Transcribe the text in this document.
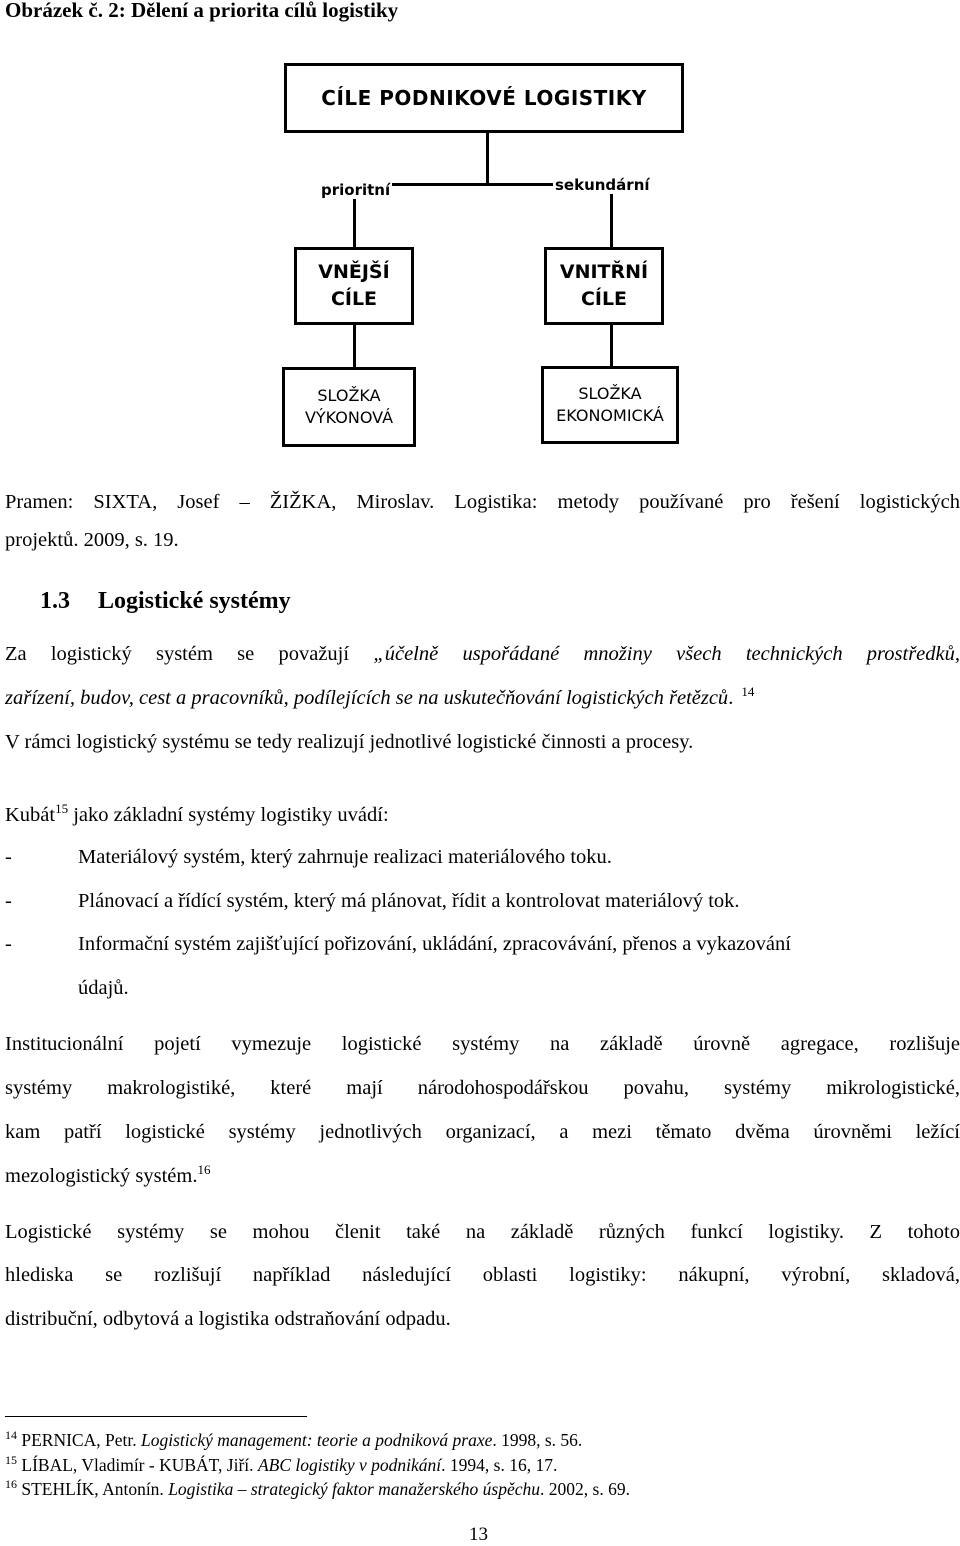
Obrázek č. 2: Dělení a priorita cílů logistiky
CÍLE PODNIKOVÉ LOGISTIKY
prioritní	sekundární
VNĚJŠÍ
CÍLE
VNITŘNÍ
CÍLE
SLOŽKA
VÝKONOVÁ
SLOŽKA
EKONOMICKÁ
Pramen: SIXTA, Josef – ŽIŽKA, Miroslav. Logistika: metody používané pro řešení logistických
projektů. 2009, s. 19.
1.3 Logistické systémy
Za logistický systém se považují „účelně uspořádané množiny všech technických prostředků,
zařízení, budov, cest a pracovníků, podílejících se na uskutečňování logistických řetězců. $^{14}$
V rámci logistický systému se tedy realizují jednotlivé logistické činnosti a procesy.
Kubát$^{15}$ jako základní systémy logistiky uvádí:
-	Materiálový systém, který zahrnuje realizaci materiálového toku.
-	Plánovací a řídící systém, který má plánovat, řídit a kontrolovat materiálový tok.
-	Informační systém zajišťující pořizování, ukládání, zpracovávání, přenos a vykazování
údajů.
Institucionální pojetí vymezuje logistické systémy na základě úrovně agregace, rozlišuje
systémy makrologistiké, které mají národohospodářskou povahu, systémy mikrologistické,
kam patří logistické systémy jednotlivých organizací, a mezi těmato dvěma úrovněmi ležící
mezologistický systém.$^{16}$
Logistické systémy se mohou členit také na základě různých funkcí logistiky. Z tohoto
hlediska se rozlišují například následující oblasti logistiky: nákupní, výrobní, skladová,
distribuční, odbytová a logistika odstraňování odpadu.
$^{14}$ PERNICA, Petr. Logistický management: teorie a podniková praxe. 1998, s. 56.
$^{15}$ LÍBAL, Vladimír - KUBÁT, Jiří. ABC logistiky v podnikání. 1994, s. 16, 17.
$^{16}$ STEHLÍK, Antonín. Logistika – strategický faktor manažerského úspěchu. 2002, s. 69.
13
